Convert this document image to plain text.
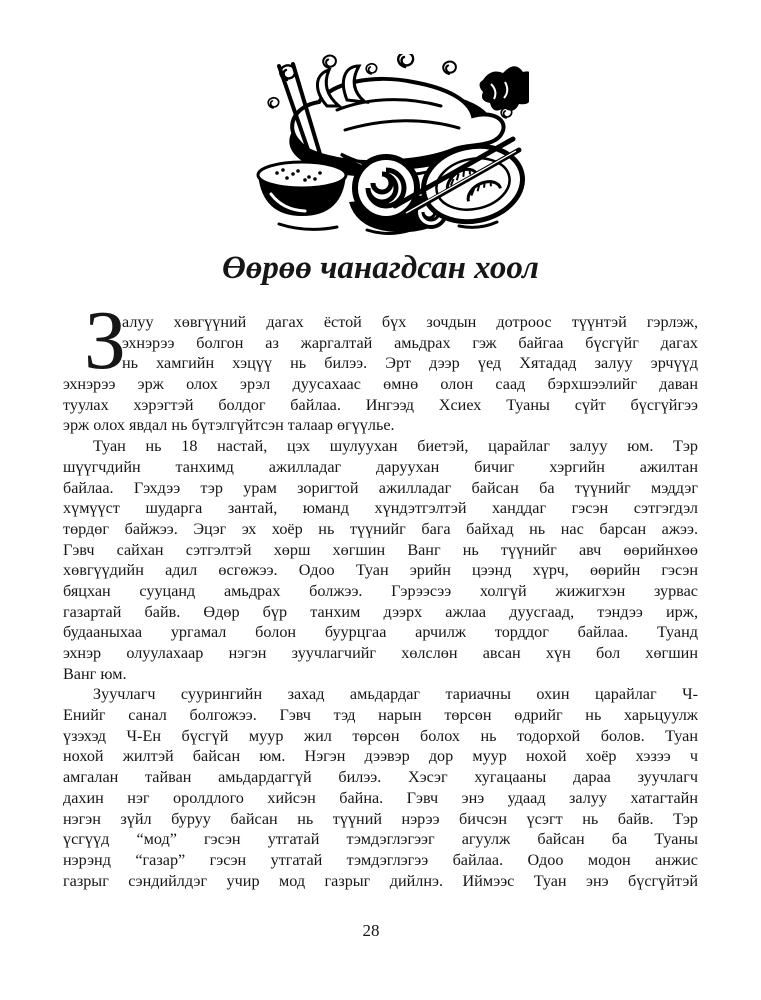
Өөрөө чанагдсан хоол
З
алуу хөвгүүний дагах ёстой бүх зочдын дотроос түүнтэй гэрлэж,
эхнэрээ болгон аз жаргалтай амьдрах гэж байгаа бүсгүйг дагах
нь хамгийн хэцүү нь билээ. Эрт дээр үед Хятадад залуу эрчүүд
эхнэрээ эрж олох эрэл дуусахаас өмнө олон саад бэрхшээлийг даван
туулах хэрэгтэй болдог байлаа. Ингээд Хсиех Туаны сүйт бүсгүйгээ
эрж олох явдал нь бүтэлгүйтсэн талаар өгүүлье.
Туан нь 18 настай, цэх шулуухан биетэй, царайлаг залуу юм. Тэр
шүүгчдийн танхимд ажилладаг даруухан бичиг хэргийн ажилтан
байлаа. Гэхдээ тэр урам зоригтой ажилладаг байсан ба түүнийг мэддэг
хүмүүст шударга зантай, юманд хүндэтгэлтэй ханддаг гэсэн сэтгэгдэл
төрдөг байжээ. Эцэг эх хоёр нь түүнийг бага байхад нь нас барсан ажээ.
Гэвч сайхан сэтгэлтэй хөрш хөгшин Ванг нь түүнийг авч өөрийнхөө
хөвгүүдийн адил өсгөжээ. Одоо Туан эрийн цээнд хүрч, өөрийн гэсэн
бяцхан сууцанд амьдрах болжээ. Гэрээсээ холгүй жижигхэн зурвас
газартай байв. Өдөр бүр танхим дээрх ажлаа дуусгаад, тэндээ ирж,
будааныхаа ургамал болон буурцгаа арчилж торддог байлаа. Туанд
эхнэр олуулахаар нэгэн зуучлагчийг хөлслөн авсан хүн бол хөгшин
Ванг юм.
Зуучлагч суурингийн захад амьдардаг тариачны охин царайлаг Ч-
Енийг санал болгожээ. Гэвч тэд нарын төрсөн өдрийг нь харьцуулж
үзэхэд Ч-Ен бүсгүй муур жил төрсөн болох нь тодорхой болов. Туан
нохой жилтэй байсан юм. Нэгэн дээвэр дор муур нохой хоёр хэзээ ч
амгалан тайван амьдардаггүй билээ. Хэсэг хугацааны дараа зуучлагч
дахин нэг оролдлого хийсэн байна. Гэвч энэ удаад залуу хатагтайн
нэгэн зүйл буруу байсан нь түүний нэрээ бичсэн үсэгт нь байв. Тэр
үсгүүд “мод” гэсэн утгатай тэмдэглэгээг агуулж байсан ба Туаны
нэрэнд “газар” гэсэн утгатай тэмдэглэгээ байлаа. Одоо модон анжис
газрыг сэндийлдэг учир мод газрыг дийлнэ. Иймээс Туан энэ бүсгүйтэй
28
